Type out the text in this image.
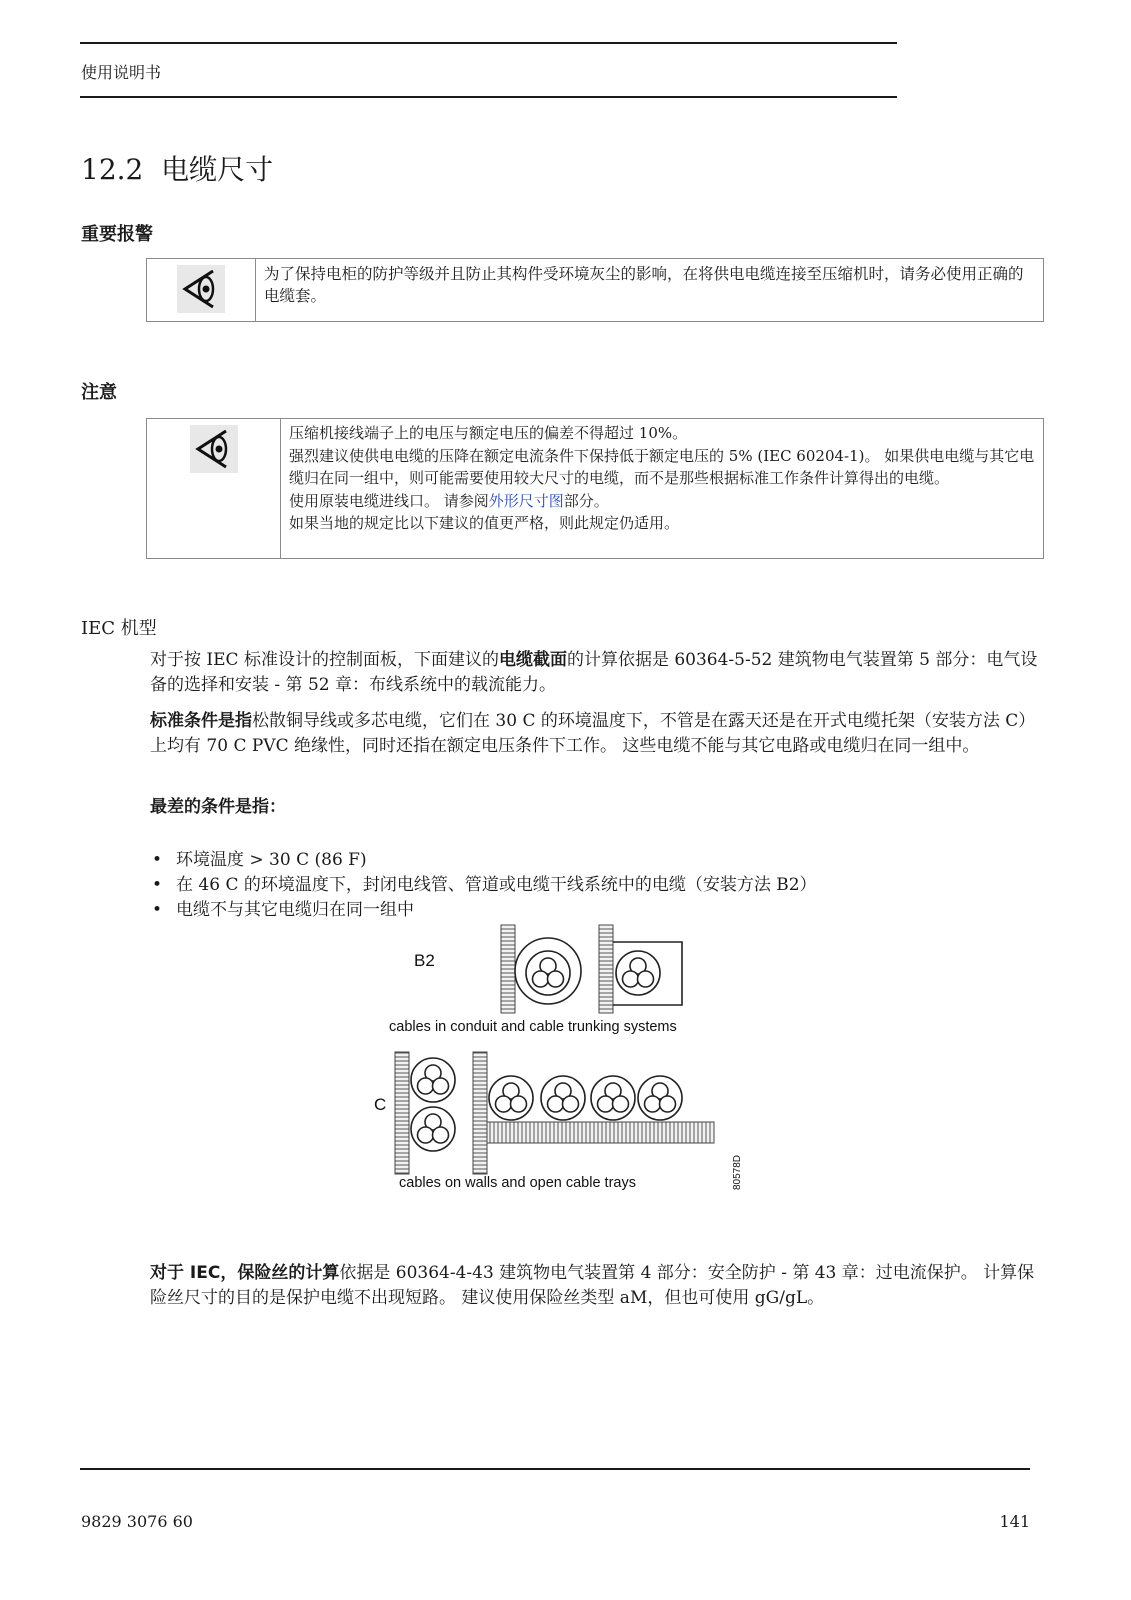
使用说明书
12.2 电缆尺寸
重要报警
为了保持电柜的防护等级并且防止其构件受环境灰尘的影响，在将供电电缆连接至压缩机时，请务必使用正确的电缆套。
注意
压缩机接线端子上的电压与额定电压的偏差不得超过 10%。
强烈建议使供电电缆的压降在额定电流条件下保持低于额定电压的 5% (IEC 60204-1)。 如果供电电缆与其它电缆归在同一组中，则可能需要使用较大尺寸的电缆，而不是那些根据标准工作条件计算得出的电缆。
使用原装电缆进线口。 请参阅外形尺寸图部分。
如果当地的规定比以下建议的值更严格，则此规定仍适用。
IEC 机型
对于按 IEC 标准设计的控制面板，下面建议的电缆截面的计算依据是 60364-5-52 建筑物电气装置第 5 部分：电气设备的选择和安装 - 第 52 章：布线系统中的载流能力。
标准条件是指松散铜导线或多芯电缆，它们在 30 C 的环境温度下，不管是在露天还是在开式电缆托架（安装方法 C）上均有 70 C PVC 绝缘性，同时还指在额定电压条件下工作。 这些电缆不能与其它电路或电缆归在同一组中。
最差的条件是指：
• 环境温度 > 30 C (86 F)
• 在 46 C 的环境温度下，封闭电线管、管道或电缆干线系统中的电缆（安装方法 B2）
• 电缆不与其它电缆归在同一组中
B2
cables in conduit and cable trunking systems
C
cables on walls and open cable trays	80578D
对于 IEC，保险丝的计算依据是 60364-4-43 建筑物电气装置第 4 部分：安全防护 - 第 43 章：过电流保护。 计算保险丝尺寸的目的是保护电缆不出现短路。 建议使用保险丝类型 aM，但也可使用 gG/gL。
9829 3076 60	141
